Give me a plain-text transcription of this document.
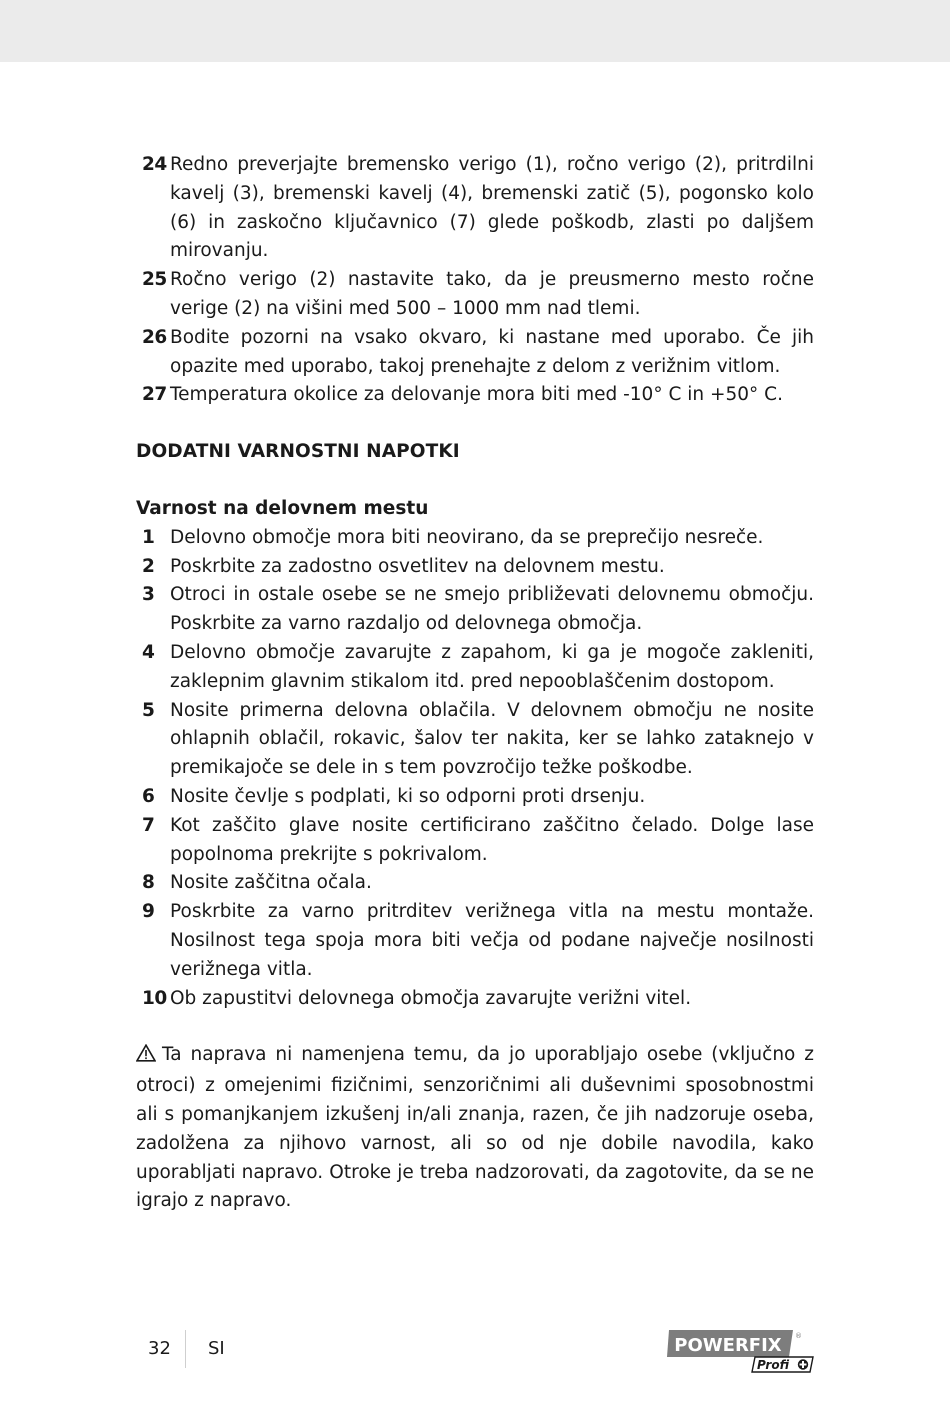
24 Redno preverjajte bremensko verigo (1), ročno verigo (2), pritrdilni kavelj (3), bremenski kavelj (4), bremenski zatič (5), pogonsko kolo (6) in zaskočno ključavnico (7) glede poškodb, zlasti po daljšem mirovanju.
25 Ročno verigo (2) nastavite tako, da je preusmerno mesto ročne verige (2) na višini med 500 – 1000 mm nad tlemi.
26 Bodite pozorni na vsako okvaro, ki nastane med uporabo. Če jih opazite med uporabo, takoj prenehajte z delom z verižnim vitlom.
27 Temperatura okolice za delovanje mora biti med -10° C in +50° C.
DODATNI VARNOSTNI NAPOTKI
Varnost na delovnem mestu
1 Delovno območje mora biti neovirano, da se preprečijo nesreče.
2 Poskrbite za zadostno osvetlitev na delovnem mestu.
3 Otroci in ostale osebe se ne smejo približevati delovnemu območju. Poskrbite za varno razdaljo od delovnega območja.
4 Delovno območje zavarujte z zapahom, ki ga je mogoče zakleniti, zaklepnim glavnim stikalom itd. pred nepooblaščenim dostopom.
5 Nosite primerna delovna oblačila. V delovnem območju ne nosite ohlapnih oblačil, rokavic, šalov ter nakita, ker se lahko zataknejo v premikajoče se dele in s tem povzročijo težke poškodbe.
6 Nosite čevlje s podplati, ki so odporni proti drsenju.
7 Kot zaščito glave nosite certificirano zaščitno čelado. Dolge lase popolnoma prekrijte s pokrivalom.
8 Nosite zaščitna očala.
9 Poskrbite za varno pritrditev verižnega vitla na mestu montaže. Nosilnost tega spoja mora biti večja od podane največje nosilnosti verižnega vitla.
10 Ob zapustitvi delovnega območja zavarujte verižni vitel.
Ta naprava ni namenjena temu, da jo uporabljajo osebe (vključno z otroci) z omejenimi fizičnimi, senzoričnimi ali duševnimi sposobnostmi ali s pomanjkanjem izkušenj in/ali znanja, razen, če jih nadzoruje oseba, zadolžena za njihovo varnost, ali so od nje dobile navodila, kako uporabljati napravo. Otroke je treba nadzorovati, da zagotovite, da se ne igrajo z napravo.
32 SI	POWERFIX ®
Profi
